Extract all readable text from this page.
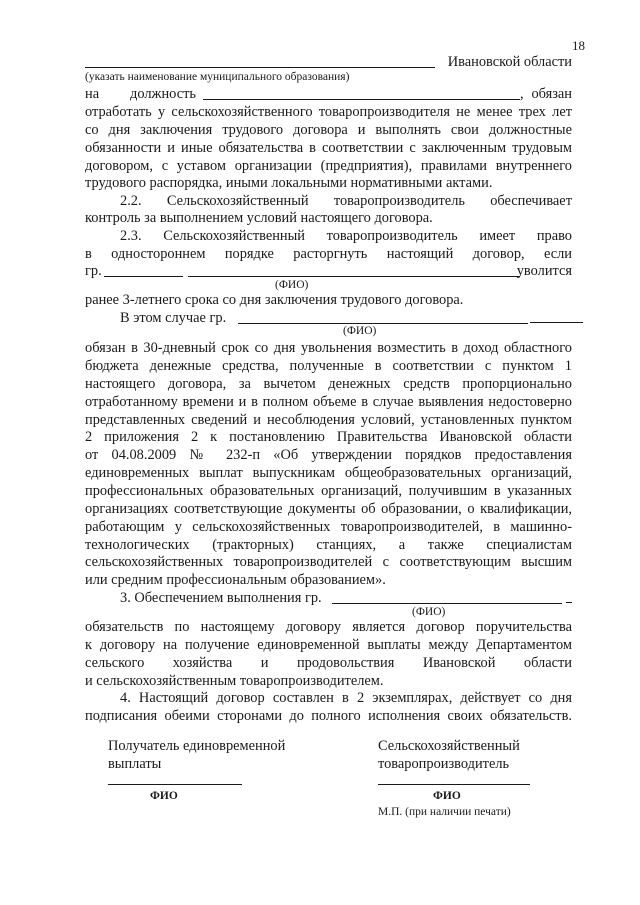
18
Ивановской области
(указать наименование муниципального образования)
на должность	, обязан
отработать у сельскохозяйственного товаропроизводителя не менее трех лет
со дня заключения трудового договора и выполнять свои должностные
обязанности и иные обязательства в соответствии с заключенным трудовым
договором, с уставом организации (предприятия), правилами внутреннего
трудового распорядка, иными локальными нормативными актами.
2.2. Сельскохозяйственный товаропроизводитель обеспечивает
контроль за выполнением условий настоящего договора.
2.3. Сельскохозяйственный товаропроизводитель имеет право
в одностороннем порядке расторгнуть настоящий договор, если
гр.	уволится
(ФИО)
ранее 3-летнего срока со дня заключения трудового договора.
В этом случае гр.
(ФИО)
обязан в 30-дневный срок со дня увольнения возместить в доход областного
бюджета денежные средства, полученные в соответствии с пунктом 1
настоящего договора, за вычетом денежных средств пропорционально
отработанному времени и в полном объеме в случае выявления недостоверно
представленных сведений и несоблюдения условий, установленных пунктом
2 приложения 2 к постановлению Правительства Ивановской области
от 04.08.2009 № 232-п «Об утверждении порядков предоставления
единовременных выплат выпускникам общеобразовательных организаций,
профессиональных образовательных организаций, получившим в указанных
организациях соответствующие документы об образовании, о квалификации,
работающим у сельскохозяйственных товаропроизводителей, в машинно-
технологических (тракторных) станциях, а также специалистам
сельскохозяйственных товаропроизводителей с соответствующим высшим
или средним профессиональным образованием».
3. Обеспечением выполнения гр.
(ФИО)
обязательств по настоящему договору является договор поручительства
к договору на получение единовременной выплаты между Департаментом
сельского хозяйства и продовольствия Ивановской области
и сельскохозяйственным товаропроизводителем.
4. Настоящий договор составлен в 2 экземплярах, действует со дня
подписания обеими сторонами до полного исполнения своих обязательств.
Получатель единовременной
выплаты
ФИО
Сельскохозяйственный
товаропроизводитель
ФИО
М.П. (при наличии печати)
